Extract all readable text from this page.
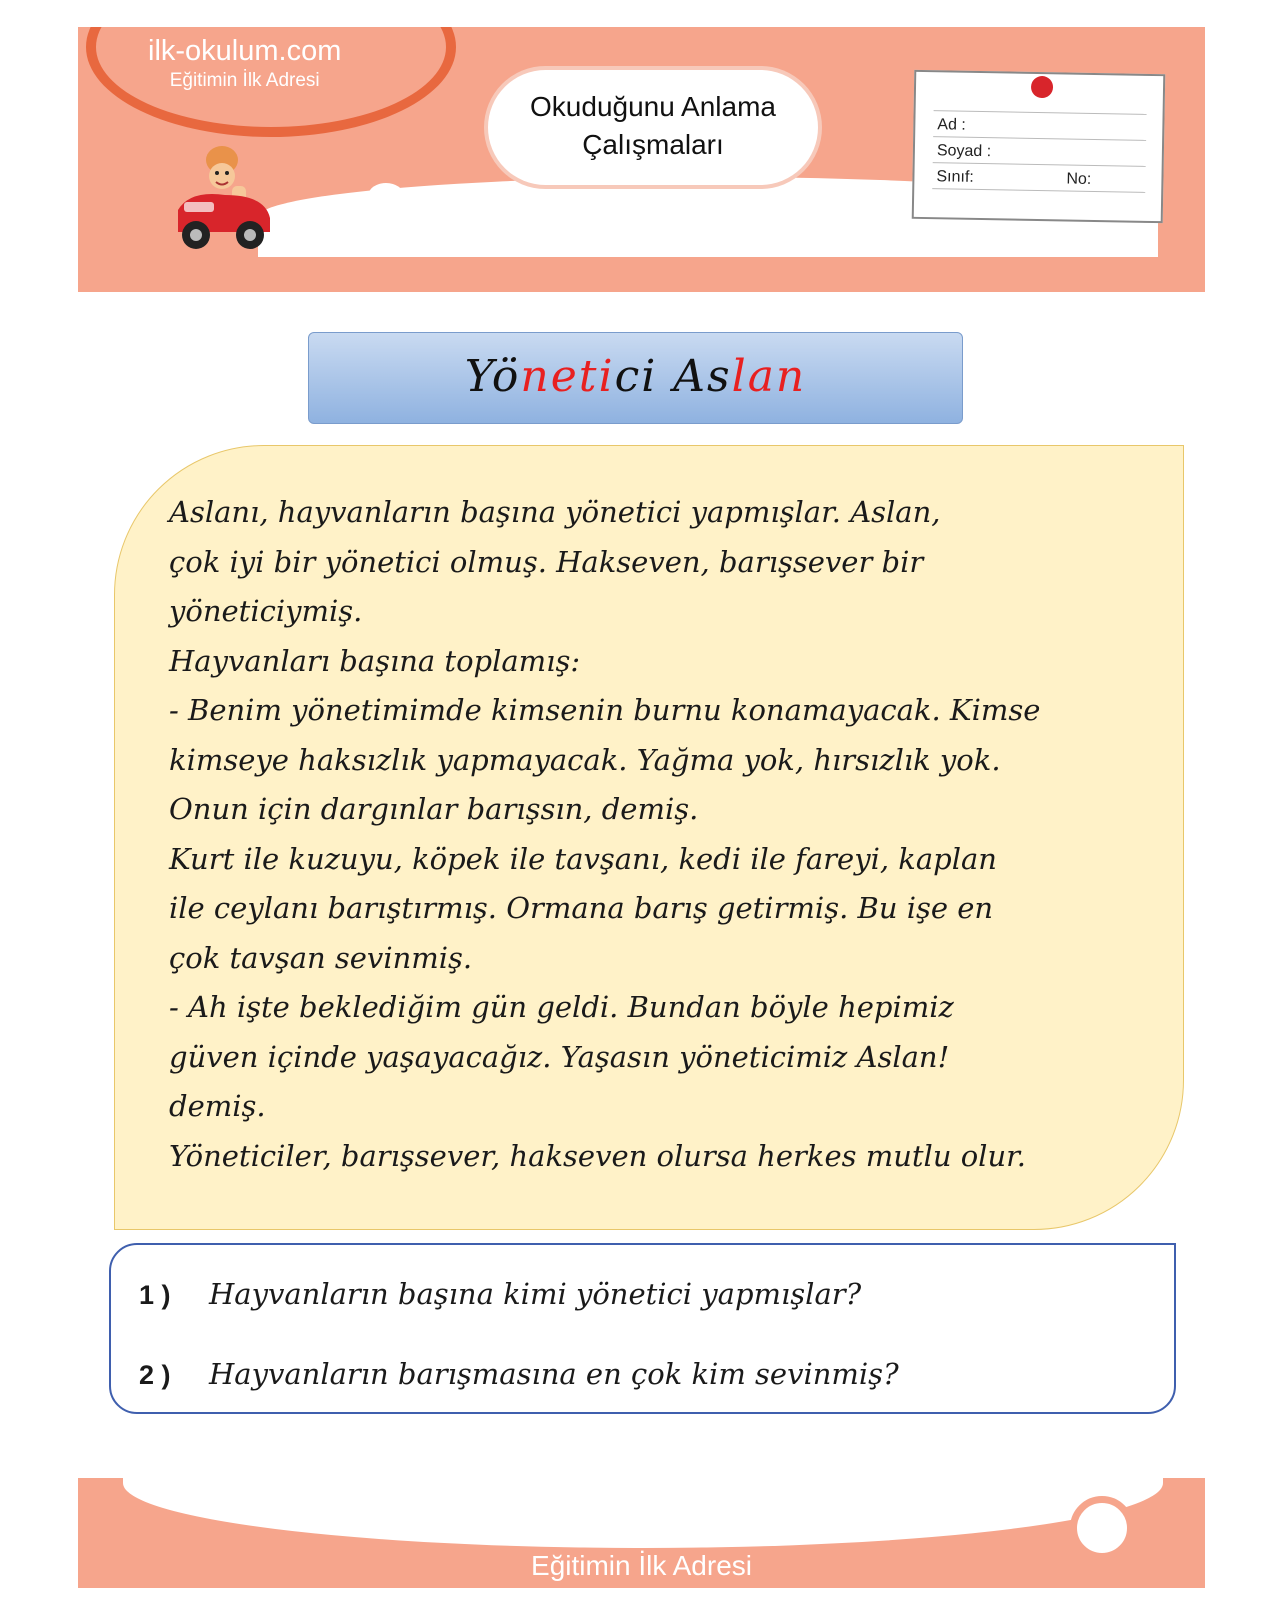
ilk-okulum.com
Eğitimin İlk Adresi
Okuduğunu Anlama
Çalışmaları
Ad :
Soyad :
Sınıf:	No:
Yönetici Aslan

Aslanı, hayvanların başına yönetici yapmışlar. Aslan,

çok iyi bir yönetici olmuş. Hakseven, barışsever bir

yöneticiymiş.

Hayvanları başına toplamış:

- Benim yönetimimde kimsenin burnu konamayacak. Kimse

kimseye haksızlık yapmayacak. Yağma yok, hırsızlık yok.

Onun için dargınlar barışsın, demiş.

Kurt ile kuzuyu, köpek ile tavşanı, kedi ile fareyi, kaplan

ile ceylanı barıştırmış. Ormana barış getirmiş. Bu işe en

çok tavşan sevinmiş.

- Ah işte beklediğim gün geldi. Bundan böyle hepimiz

güven içinde yaşayacağız. Yaşasın yöneticimiz Aslan!

demiş.

Yöneticiler, barışsever, hakseven olursa herkes mutlu olur.

1 ) Hayvanların başına kimi yönetici yapmışlar?
2 ) Hayvanların barışmasına en çok kim sevinmiş?
ilk-okulum.com
Eğitimin İlk Adresi
